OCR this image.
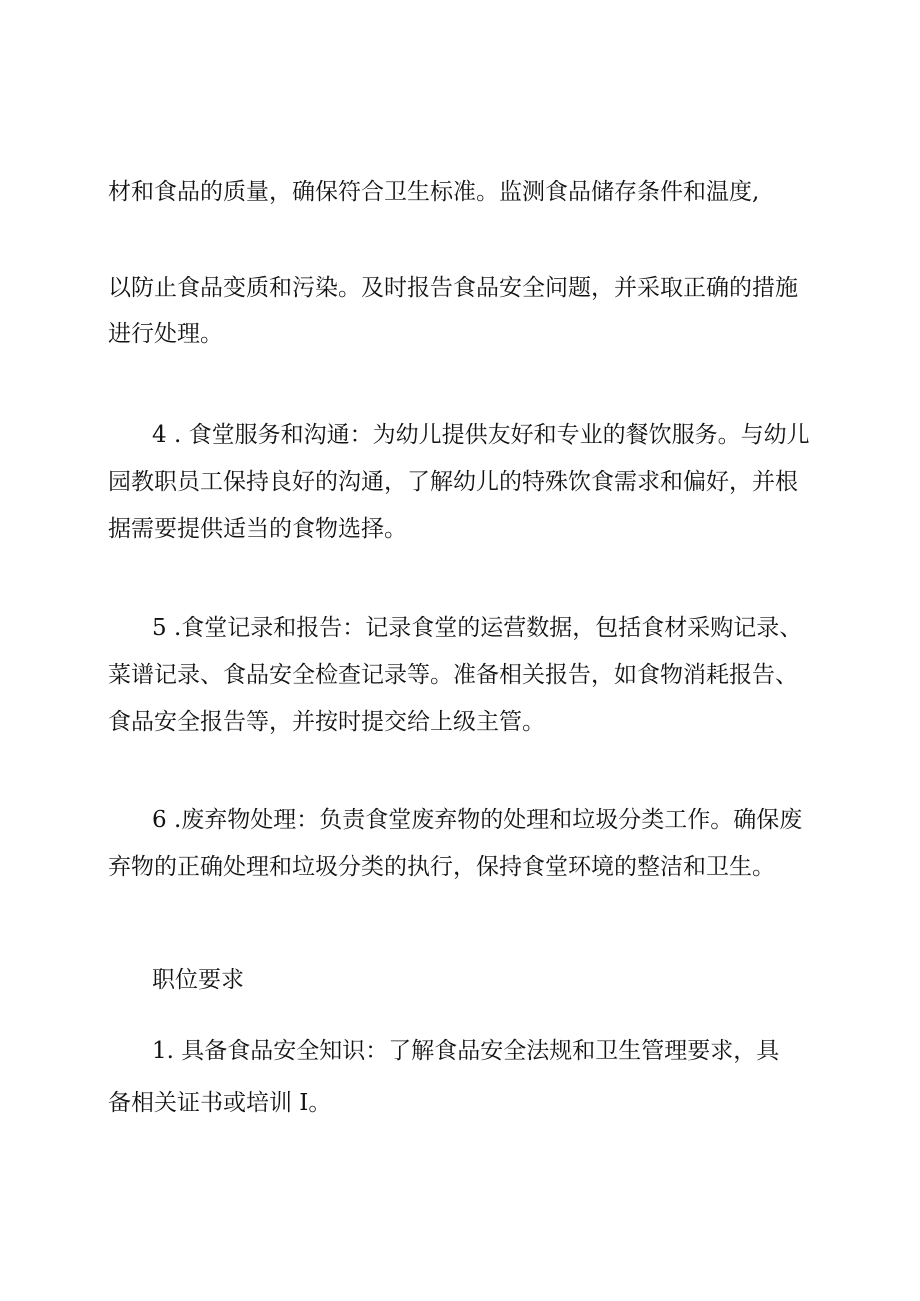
材和食品的质量，确保符合卫生标准。监测食品储存条件和温度,

以防止食品变质和污染。及时报告食品安全问题，并采取正确的措施

进行处理。

4 . 食堂服务和沟通：为幼儿提供友好和专业的餐饮服务。与幼儿

园教职员工保持良好的沟通，了解幼儿的特殊饮食需求和偏好，并根

据需要提供适当的食物选择。

5 .食堂记录和报告：记录食堂的运营数据，包括食材采购记录、

菜谱记录、食品安全检查记录等。准备相关报告，如食物消耗报告、

食品安全报告等，并按时提交给上级主管。

6 .废弃物处理：负责食堂废弃物的处理和垃圾分类工作。确保废

弃物的正确处理和垃圾分类的执行，保持食堂环境的整洁和卫生。

职位要求

1. 具备食品安全知识：了解食品安全法规和卫生管理要求，具

备相关证书或培训 I。
